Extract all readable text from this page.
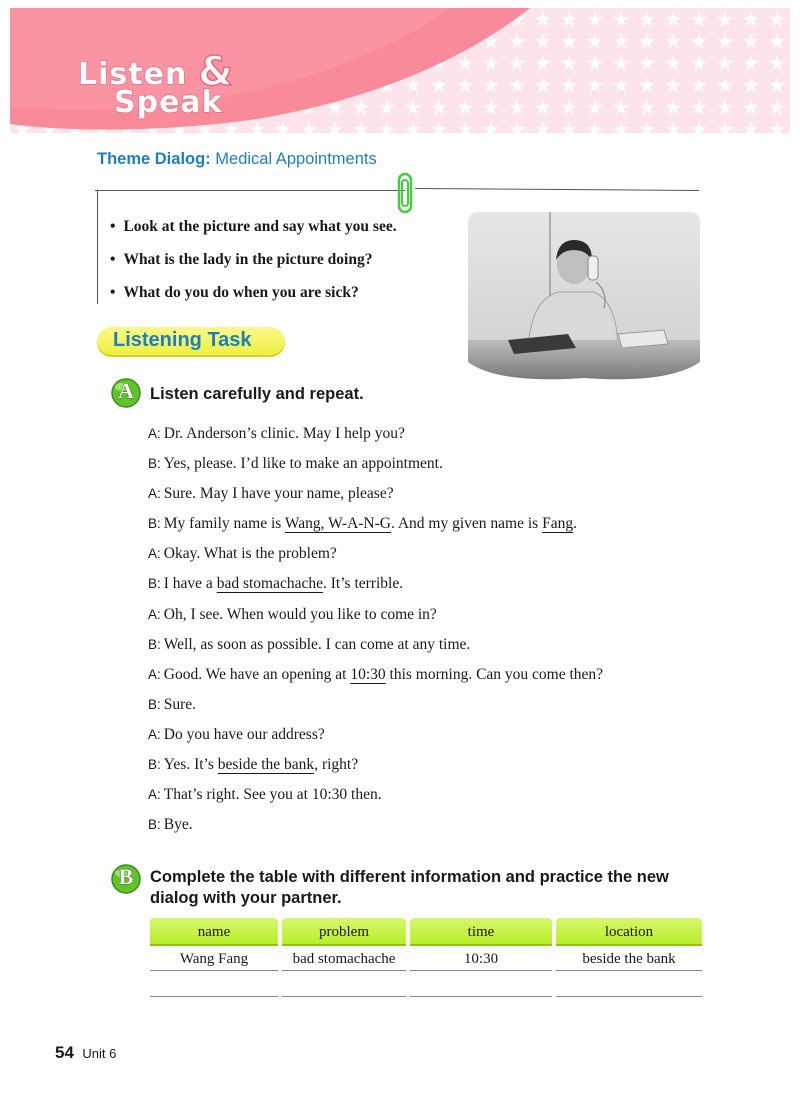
Listen &
Speak
Theme Dialog: Medical Appointments
• Look at the picture and say what you see.
• What is the lady in the picture doing?
• What do you do when you are sick?
Listening Task
A Listen carefully and repeat.
A: Dr. Anderson’s clinic. May I help you?
B: Yes, please. I’d like to make an appointment.
A: Sure. May I have your name, please?
B: My family name is Wang, W-A-N-G. And my given name is Fang.
A: Okay. What is the problem?
B: I have a bad stomachache. It’s terrible.
A: Oh, I see. When would you like to come in?
B: Well, as soon as possible. I can come at any time.
A: Good. We have an opening at 10:30 this morning. Can you come then?
B: Sure.
A: Do you have our address?
B: Yes. It’s beside the bank, right?
A: That’s right. See you at 10:30 then.
B: Bye.
B	Complete the table with different information and practice the new
dialog with your partner.
name	problem	time	location
Wang Fang	bad stomachache	10:30	beside the bank
54 Unit 6
